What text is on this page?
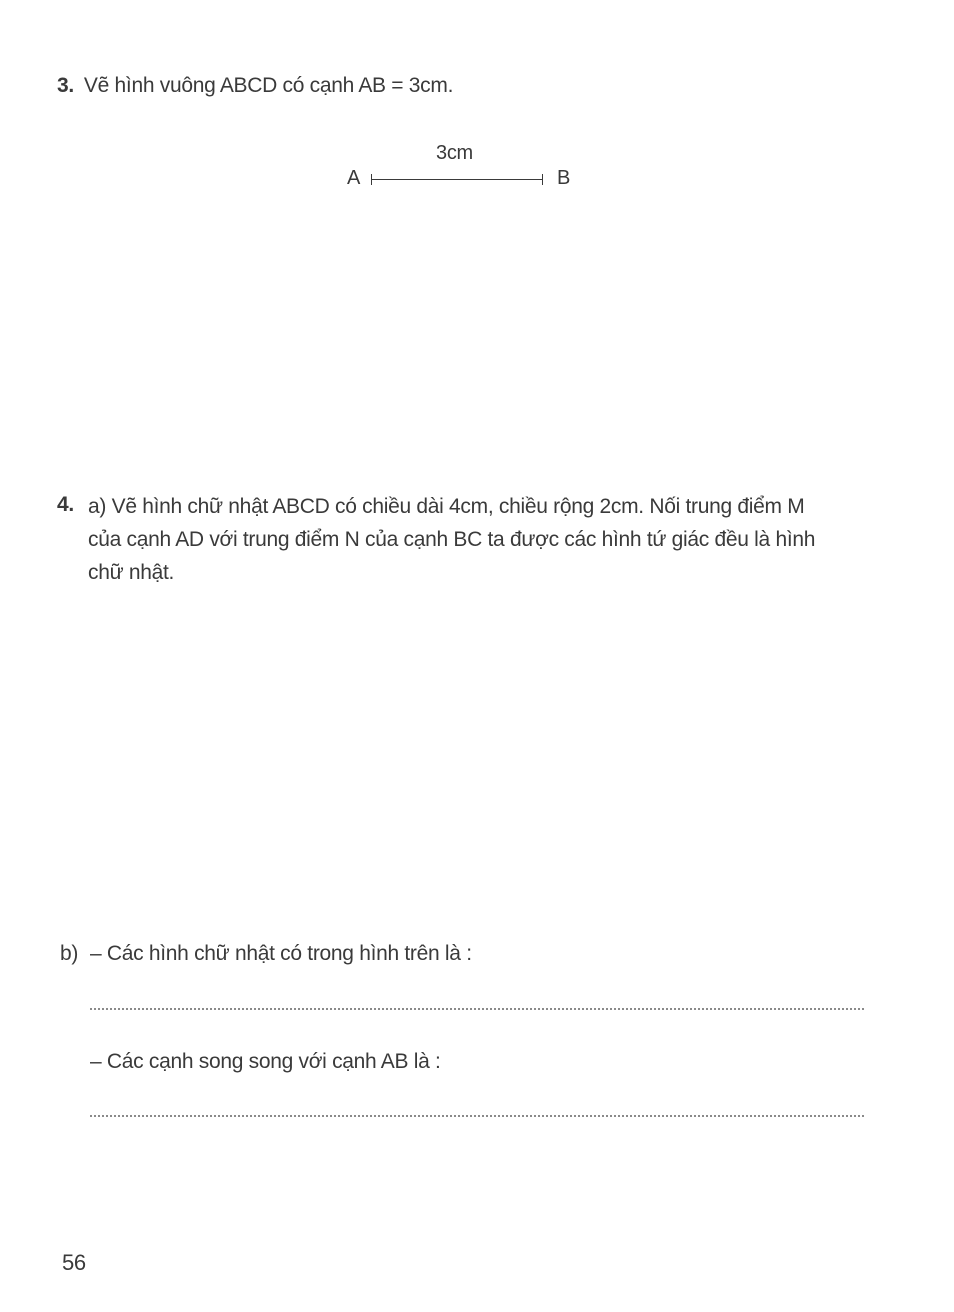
3. Vẽ hình vuông ABCD có cạnh AB = 3cm.
3cm
A	B
4. a) Vẽ hình chữ nhật ABCD có chiều dài 4cm, chiều rộng 2cm. Nối trung điểm M
của cạnh AD với trung điểm N của cạnh BC ta được các hình tứ giác đều là hình
chữ nhật.
b) – Các hình chữ nhật có trong hình trên là :
– Các cạnh song song với cạnh AB là :
56
